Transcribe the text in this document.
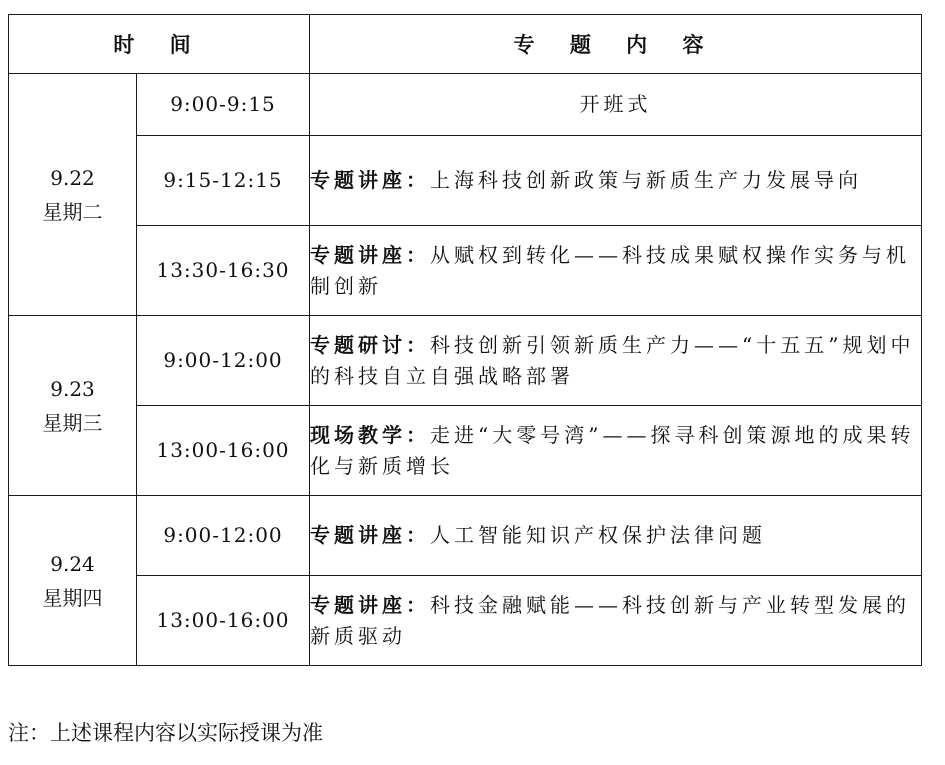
时 间		专 题 内 容

9.22
星期二	9:00-9:15	开班式
	9:15-12:15	专题讲座：上海科技创新政策与新质生产力发展导向
	13:30-16:30	专题讲座：从赋权到转化——科技成果赋权操作实务与机制创新

9.23
星期三	9:00-12:00	专题研讨：科技创新引领新质生产力——“十五五”规划中的科技自立自强战略部署
	13:00-16:00	现场教学：走进“大零号湾”——探寻科创策源地的成果转化与新质增长

9.24
星期四	9:00-12:00	专题讲座：人工智能知识产权保护法律问题
	13:00-16:00	专题讲座：科技金融赋能——科技创新与产业转型发展的新质驱动
注：上述课程内容以实际授课为准
